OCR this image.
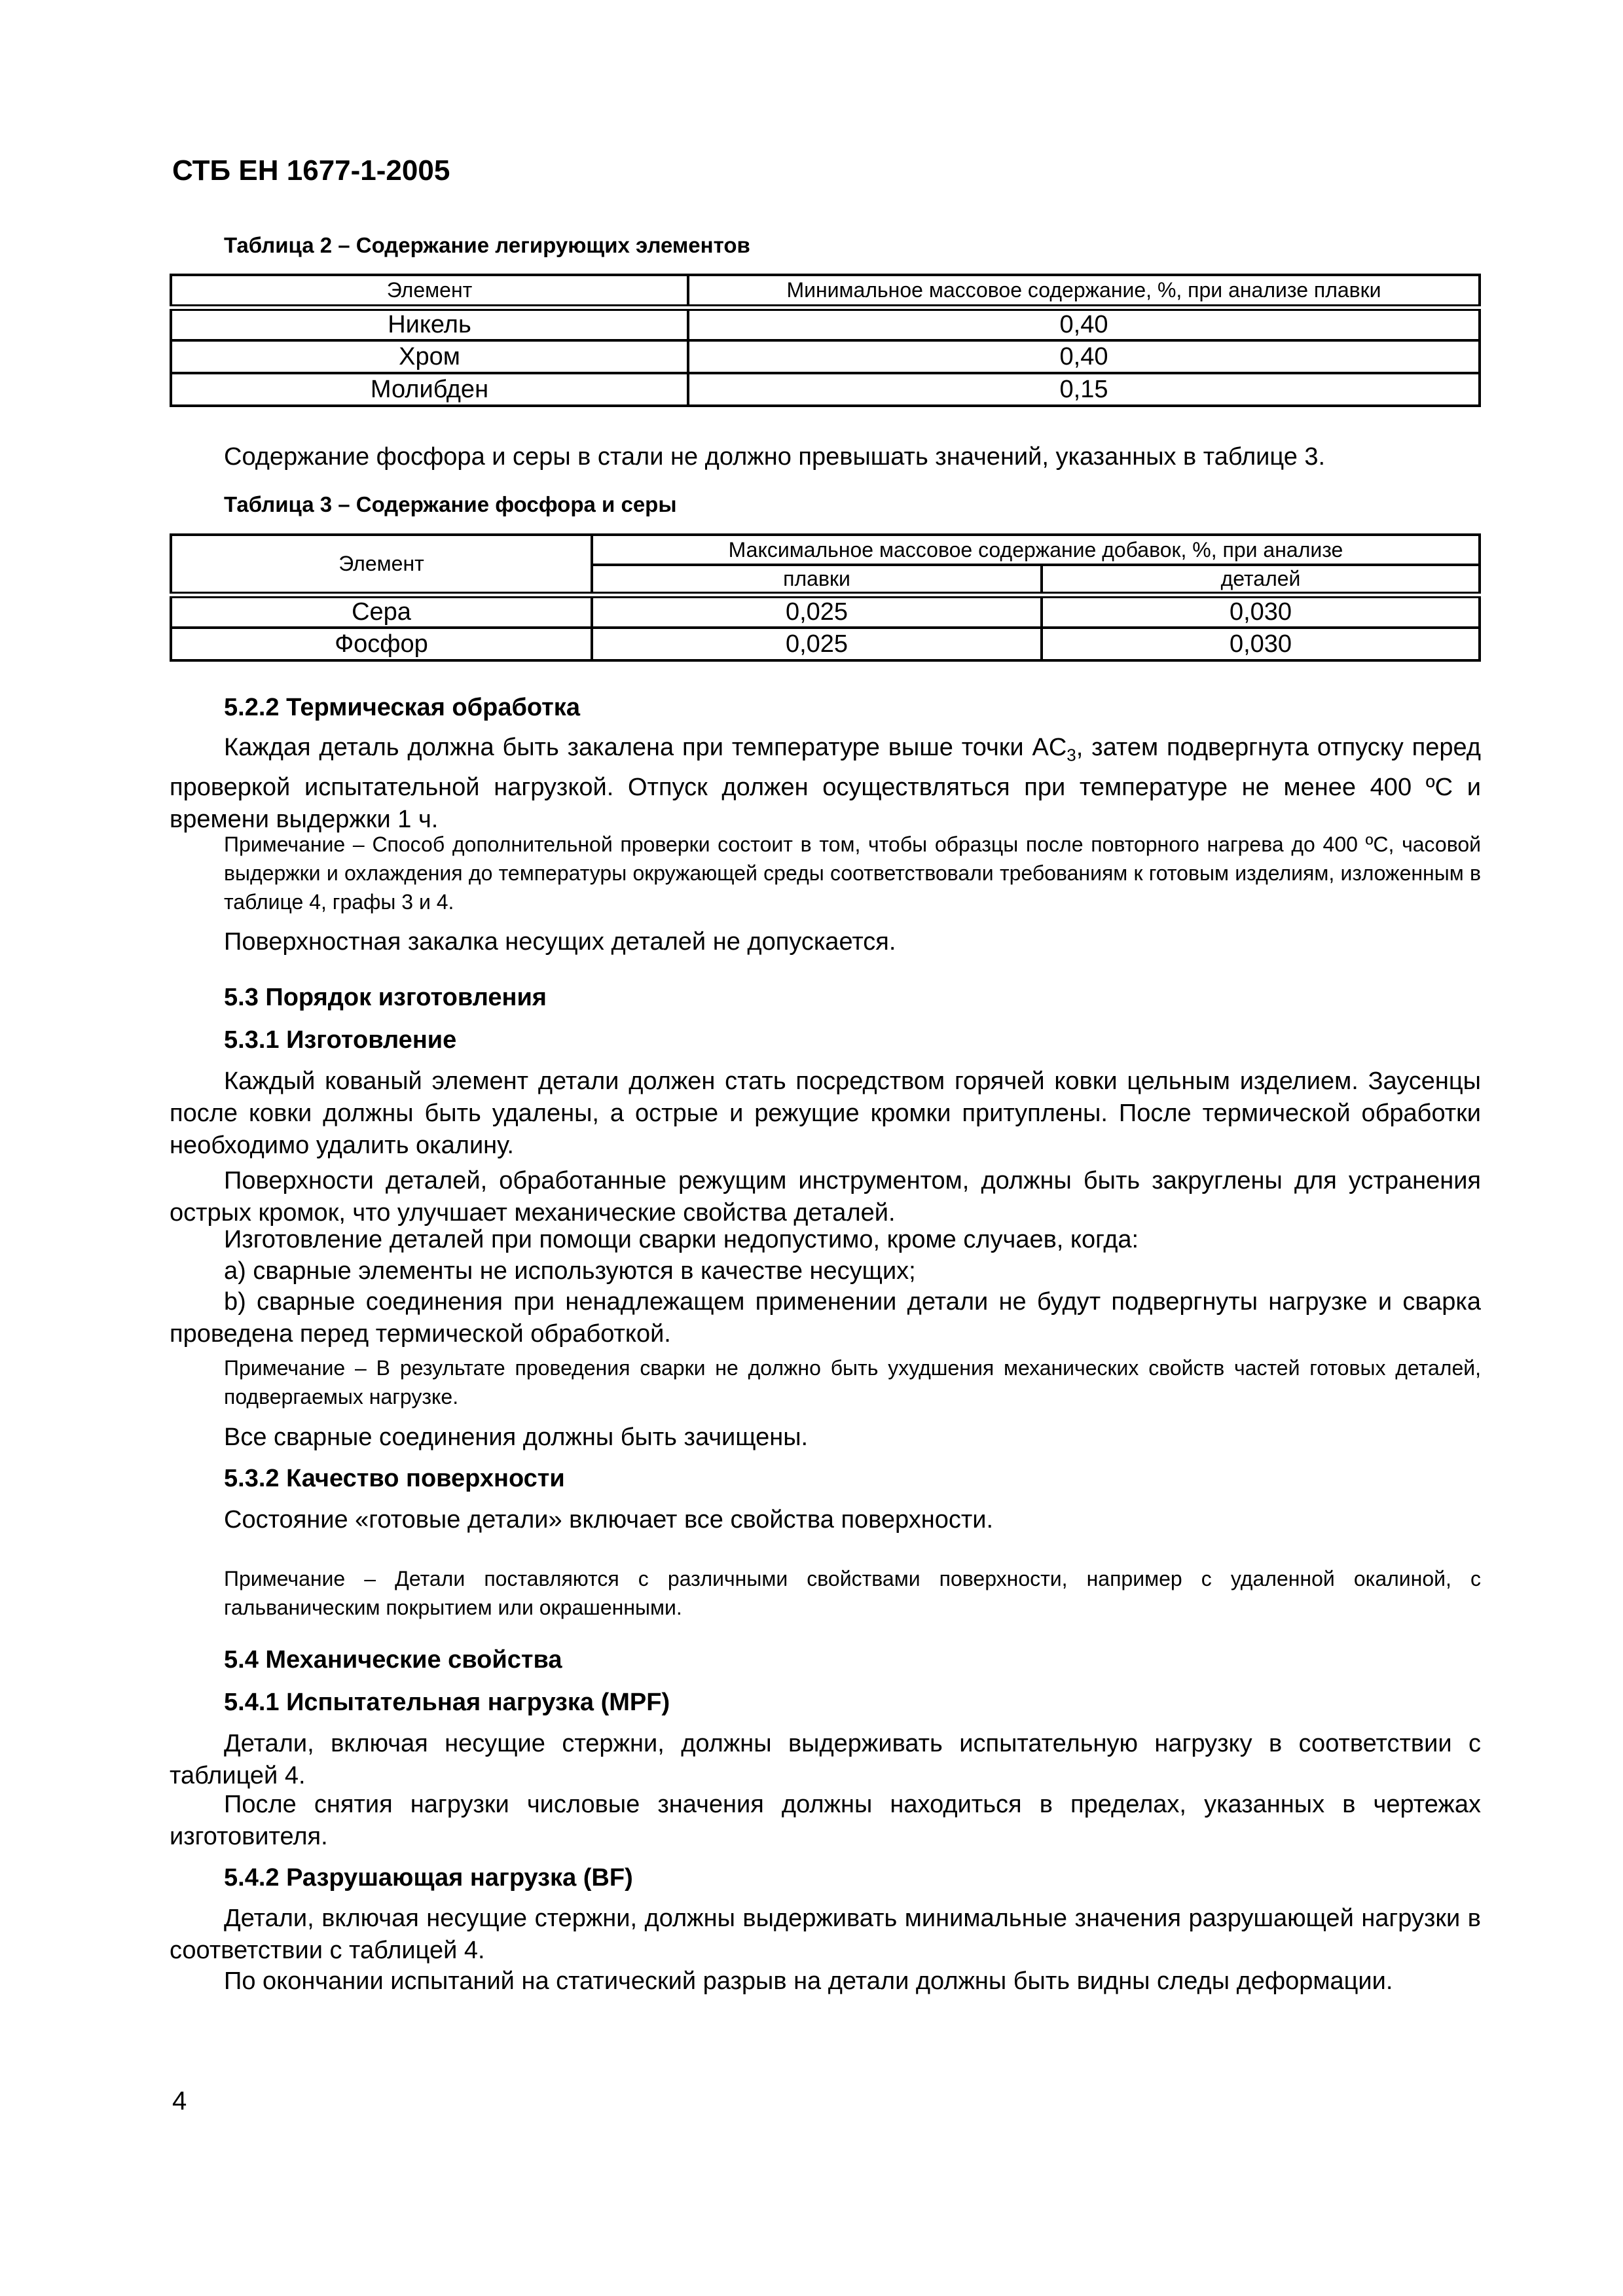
СТБ ЕН 1677-1-2005
Таблица 2 – Содержание легирующих элементов
Элемент	Минимальное массовое содержание, %, при анализе плавки
Никель	0,40
Хром	0,40
Молибден	0,15
Содержание фосфора и серы в стали не должно превышать значений, указанных в таблице 3.
Таблица 3 – Содержание фосфора и серы
Элемент	Максимальное массовое содержание добавок, %, при анализе	
	плавки	деталей
Сера	0,025	0,030
Фосфор	0,025	0,030
5.2.2 Термическая обработка
Каждая деталь должна быть закалена при температуре выше точки $AC_3$, затем подвергнута отпуску перед проверкой испытательной нагрузкой. Отпуск должен осуществляться при температуре не менее 400 ºС и времени выдержки 1 ч.
Примечание – Способ дополнительной проверки состоит в том, чтобы образцы после повторного нагрева до 400 ºС, часовой выдержки и охлаждения до температуры окружающей среды соответствовали требованиям к готовым изделиям, изложенным в таблице 4, графы 3 и 4.
Поверхностная закалка несущих деталей не допускается.
5.3 Порядок изготовления
5.3.1 Изготовление
Каждый кованый элемент детали должен стать посредством горячей ковки цельным изделием. Заусенцы после ковки должны быть удалены, а острые и режущие кромки притуплены. После термической обработки необходимо удалить окалину.
Поверхности деталей, обработанные режущим инструментом, должны быть закруглены для устранения острых кромок, что улучшает механические свойства деталей.
Изготовление деталей при помощи сварки недопустимо, кроме случаев, когда:
a) сварные элементы не используются в качестве несущих;
b) сварные соединения при ненадлежащем применении детали не будут подвергнуты нагрузке и сварка проведена перед термической обработкой.
Примечание – В результате проведения сварки не должно быть ухудшения механических свойств частей готовых деталей, подвергаемых нагрузке.
Все сварные соединения должны быть зачищены.
5.3.2 Качество поверхности
Состояние «готовые детали» включает все свойства поверхности.
Примечание – Детали поставляются с различными свойствами поверхности, например с удаленной окалиной, с гальваническим покрытием или окрашенными.
5.4 Механические свойства
5.4.1 Испытательная нагрузка (MPF)
Детали, включая несущие стержни, должны выдерживать испытательную нагрузку в соответствии с таблицей 4.
После снятия нагрузки числовые значения должны находиться в пределах, указанных в чертежах изготовителя.
5.4.2 Разрушающая нагрузка (BF)
Детали, включая несущие стержни, должны выдерживать минимальные значения разрушающей нагрузки в соответствии с таблицей 4.
По окончании испытаний на статический разрыв на детали должны быть видны следы деформации.
4
